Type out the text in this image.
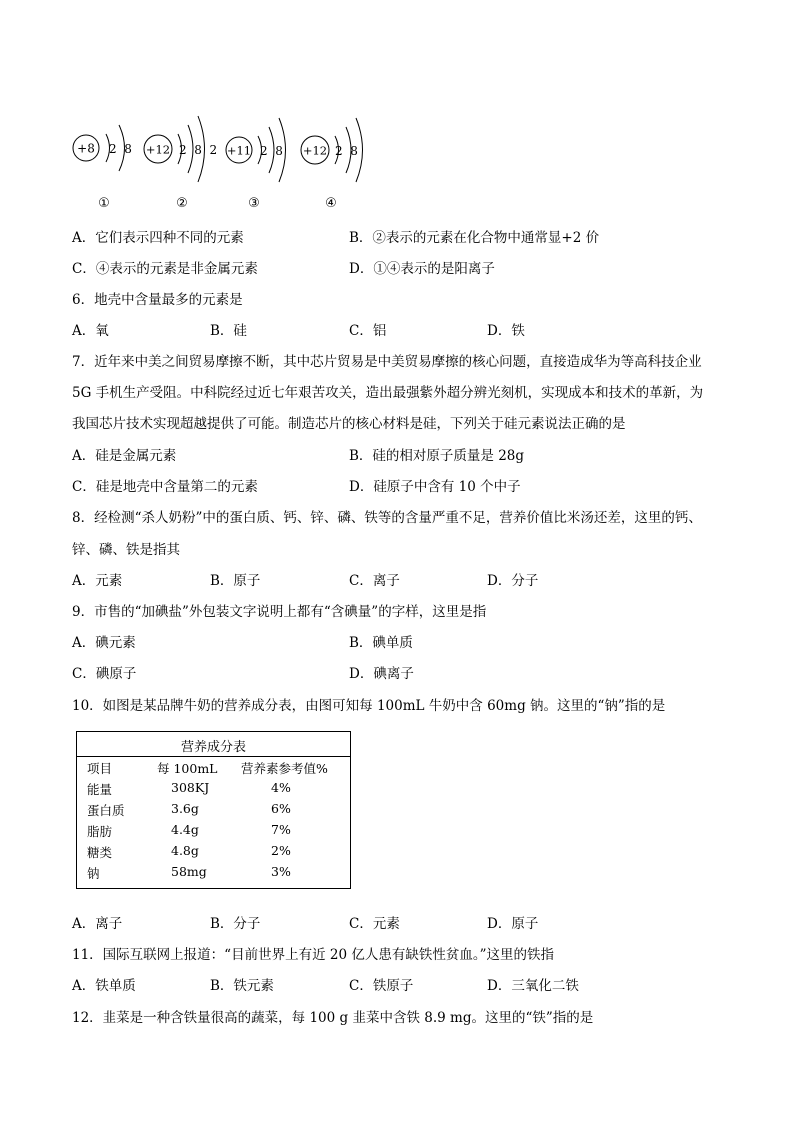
+8 2  8
①
+12 2  8  2
②
+11 2  8
③
+12 2  8
④
A．它们表示四种不同的元素	B．②表示的元素在化合物中通常显+2 价
C．④表示的元素是非金属元素	D．①④表示的是阳离子
6．地壳中含量最多的元素是
A．氧	B．硅	C．铝	D．铁
7．近年来中美之间贸易摩擦不断，其中芯片贸易是中美贸易摩擦的核心问题，直接造成华为等高科技企业
5G 手机生产受阻。中科院经过近七年艰苦攻关，造出最强紫外超分辨光刻机，实现成本和技术的革新，为
我国芯片技术实现超越提供了可能。制造芯片的核心材料是硅，下列关于硅元素说法正确的是
A．硅是金属元素	B．硅的相对原子质量是 28g
C．硅是地壳中含量第二的元素	D．硅原子中含有 10 个中子
8．经检测“杀人奶粉”中的蛋白质、钙、锌、磷、铁等的含量严重不足，营养价值比米汤还差，这里的钙、
锌、磷、铁是指其
A．元素	B．原子	C．离子	D．分子
9．市售的“加碘盐”外包装文字说明上都有“含碘量”的字样，这里是指
A．碘元素	B．碘单质
C．碘原子	D．碘离子
10．如图是某品牌牛奶的营养成分表，由图可知每 100mL 牛奶中含 60mg 钠。这里的“钠”指的是
营养成分表
项目	每 100mL 营养素参考值%
能量	308KJ	4%
蛋白质	3.6g	6%
脂肪	4.4g	7%
糖类	4.8g	2%
钠	58mg	3%
A．离子	B．分子	C．元素	D．原子
11．国际互联网上报道：“目前世界上有近 20 亿人患有缺铁性贫血。”这里的铁指
A．铁单质	B．铁元素	C．铁原子	D．三氧化二铁
12．韭菜是一种含铁量很高的蔬菜，每 100 g 韭菜中含铁 8.9 mg。这里的“铁”指的是
